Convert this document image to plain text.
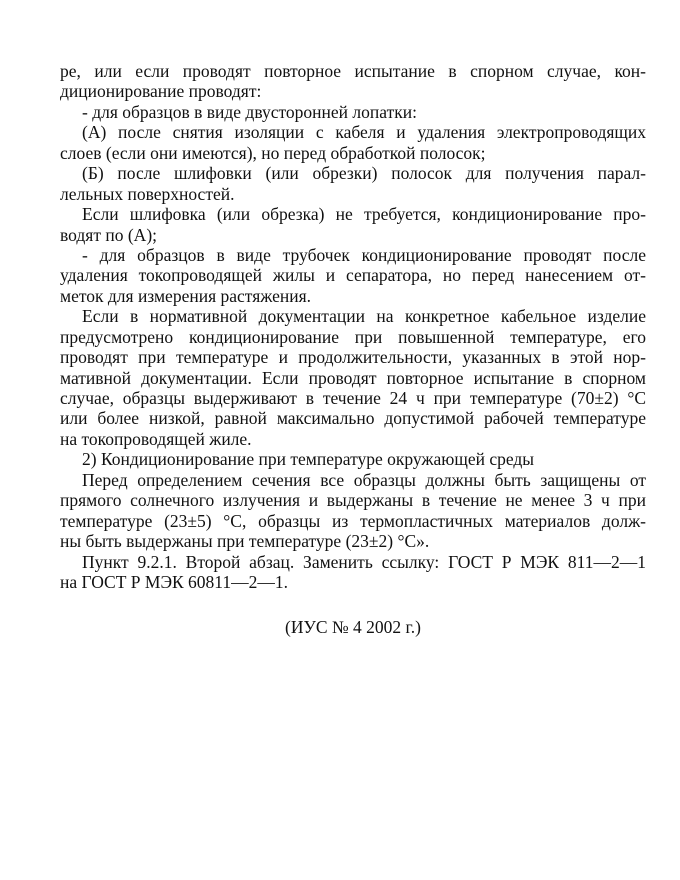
ре, или если проводят повторное испытание в спорном случае, кон-
диционирование проводят:
- для образцов в виде двусторонней лопатки:
(А) после снятия изоляции с кабеля и удаления электропроводящих
слоев (если они имеются), но перед обработкой полосок;
(Б) после шлифовки (или обрезки) полосок для получения парал-
лельных поверхностей.
Если шлифовка (или обрезка) не требуется, кондиционирование про-
водят по (А);
- для образцов в виде трубочек кондиционирование проводят после
удаления токопроводящей жилы и сепаратора, но перед нанесением от-
меток для измерения растяжения.
Если в нормативной документации на конкретное кабельное изделие
предусмотрено кондиционирование при повышенной температуре, его
проводят при температуре и продолжительности, указанных в этой нор-
мативной документации. Если проводят повторное испытание в спорном
случае, образцы выдерживают в течение 24 ч при температуре (70±2) °С
или более низкой, равной максимально допустимой рабочей температуре
на токопроводящей жиле.
2) Кондиционирование при температуре окружающей среды
Перед определением сечения все образцы должны быть защищены от
прямого солнечного излучения и выдержаны в течение не менее 3 ч при
температуре (23±5) °С, образцы из термопластичных материалов долж-
ны быть выдержаны при температуре (23±2) °С».
Пункт 9.2.1. Второй абзац. Заменить ссылку: ГОСТ Р МЭК 811—2—1
на ГОСТ Р МЭК 60811—2—1.
(ИУС № 4 2002 г.)
